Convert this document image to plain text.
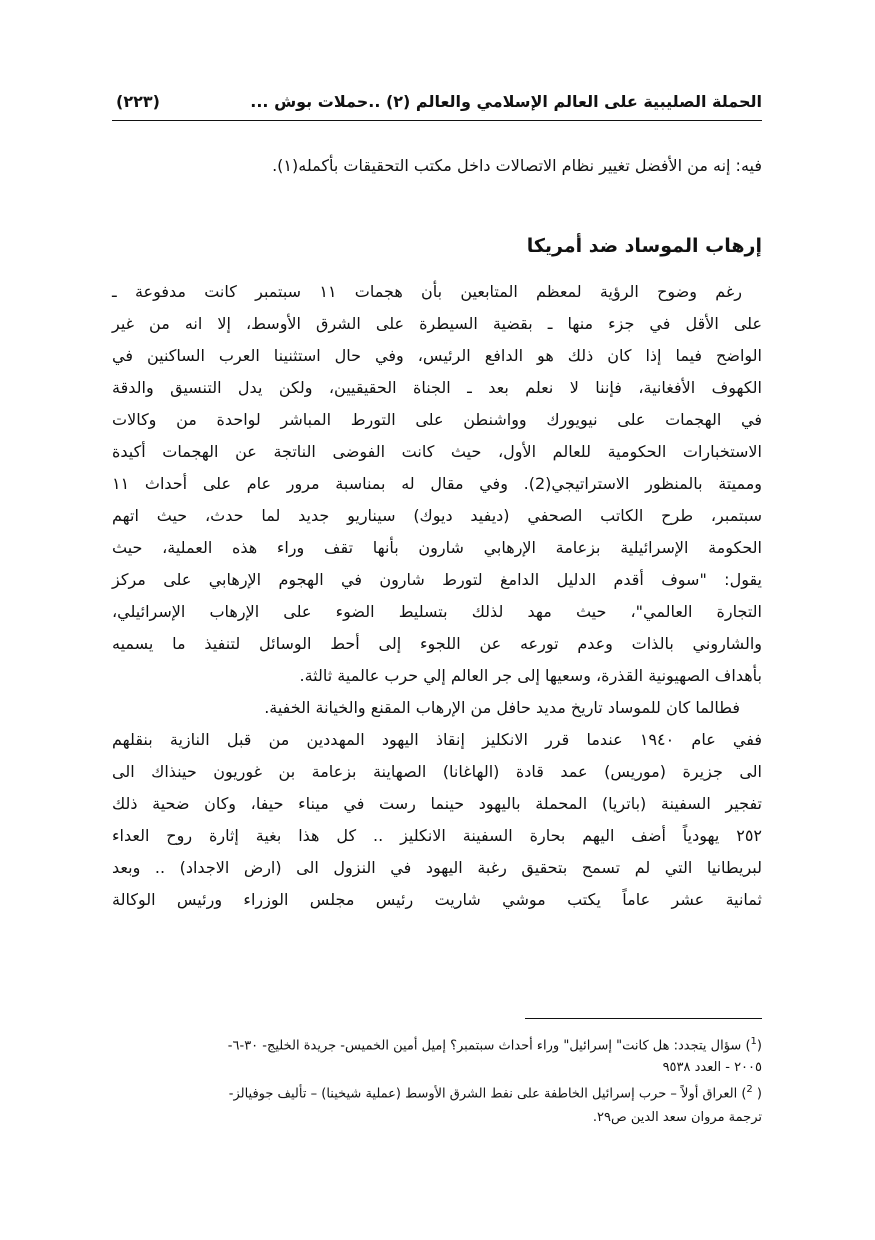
الحملة الصليبية على العالم الإسلامي والعالم (٢) ..حملات بوش ...
(٢٢٣)
فيه: إنه من الأفضل تغيير نظام الاتصالات داخل مكتب التحقيقات بأكمله(١).
إرهاب الموساد ضد أمريكا
رغم وضوح الرؤية لمعظم المتابعين بأن هجمات ١١ سبتمبر كانت مدفوعة ـ
على الأقل في جزء منها ـ بقضية السيطرة على الشرق الأوسط، إلا انه من غير
الواضح فيما إذا كان ذلك هو الدافع الرئيس، وفي حال استثنينا العرب الساكنين في
الكهوف الأفغانية، فإننا لا نعلم بعد ـ الجناة الحقيقيين، ولكن يدل التنسيق والدقة
في الهجمات على نيويورك وواشنطن على التورط المباشر لواحدة من وكالات
الاستخبارات الحكومية للعالم الأول، حيث كانت الفوضى الناتجة عن الهجمات أكيدة
ومميتة بالمنظور الاستراتيجي(2). وفي مقال له بمناسبة مرور عام على أحداث ١١
سبتمبر، طرح الكاتب الصحفي (ديفيد ديوك) سيناريو جديد لما حدث، حيث اتهم
الحكومة الإسرائيلية بزعامة الإرهابي شارون بأنها تقف وراء هذه العملية، حيث
يقول: "سوف أقدم الدليل الدامغ لتورط شارون في الهجوم الإرهابي على مركز
التجارة العالمي"، حيث مهد لذلك بتسليط الضوء على الإرهاب الإسرائيلي،
والشاروني بالذات وعدم تورعه عن اللجوء إلى أحط الوسائل لتنفيذ ما يسميه
بأهداف الصهيونية القذرة، وسعيها إلى جر العالم إلي حرب عالمية ثالثة.
فطالما كان للموساد تاريخ مديد حافل من الإرهاب المقنع والخيانة الخفية.
ففي عام ١٩٤٠ عندما قرر الانكليز إنقاذ اليهود المهددين من قبل النازية بنقلهم
الى جزيرة (موريس) عمد قادة (الهاغانا) الصهاينة بزعامة بن غوريون حينذاك الى
تفجير السفينة (باتريا) المحملة باليهود حينما رست في ميناء حيفا، وكان ضحية ذلك
٢٥٢ يهودياً أضف اليهم بحارة السفينة الانكليز .. كل هذا بغية إثارة روح العداء
لبريطانيا التي لم تسمح بتحقيق رغبة اليهود في النزول الى (ارض الاجداد) .. وبعد
ثمانية عشر عاماً يكتب موشي شاريت رئيس مجلس الوزراء ورئيس الوكالة
($^1$) سؤال يتجدد: هل كانت" إسرائيل" وراء أحداث سبتمبر؟ إميل أمين الخميس- جريدة الخليج- ٣٠-٦-
٢٠٠٥ - العدد ٩٥٣٨
( $^2$) العراق أولاً – حرب إسرائيل الخاطفة على نفط الشرق الأوسط (عملية شيخينا) – تأليف جوفيالز-
ترجمة مروان سعد الدين ص٢٩.
